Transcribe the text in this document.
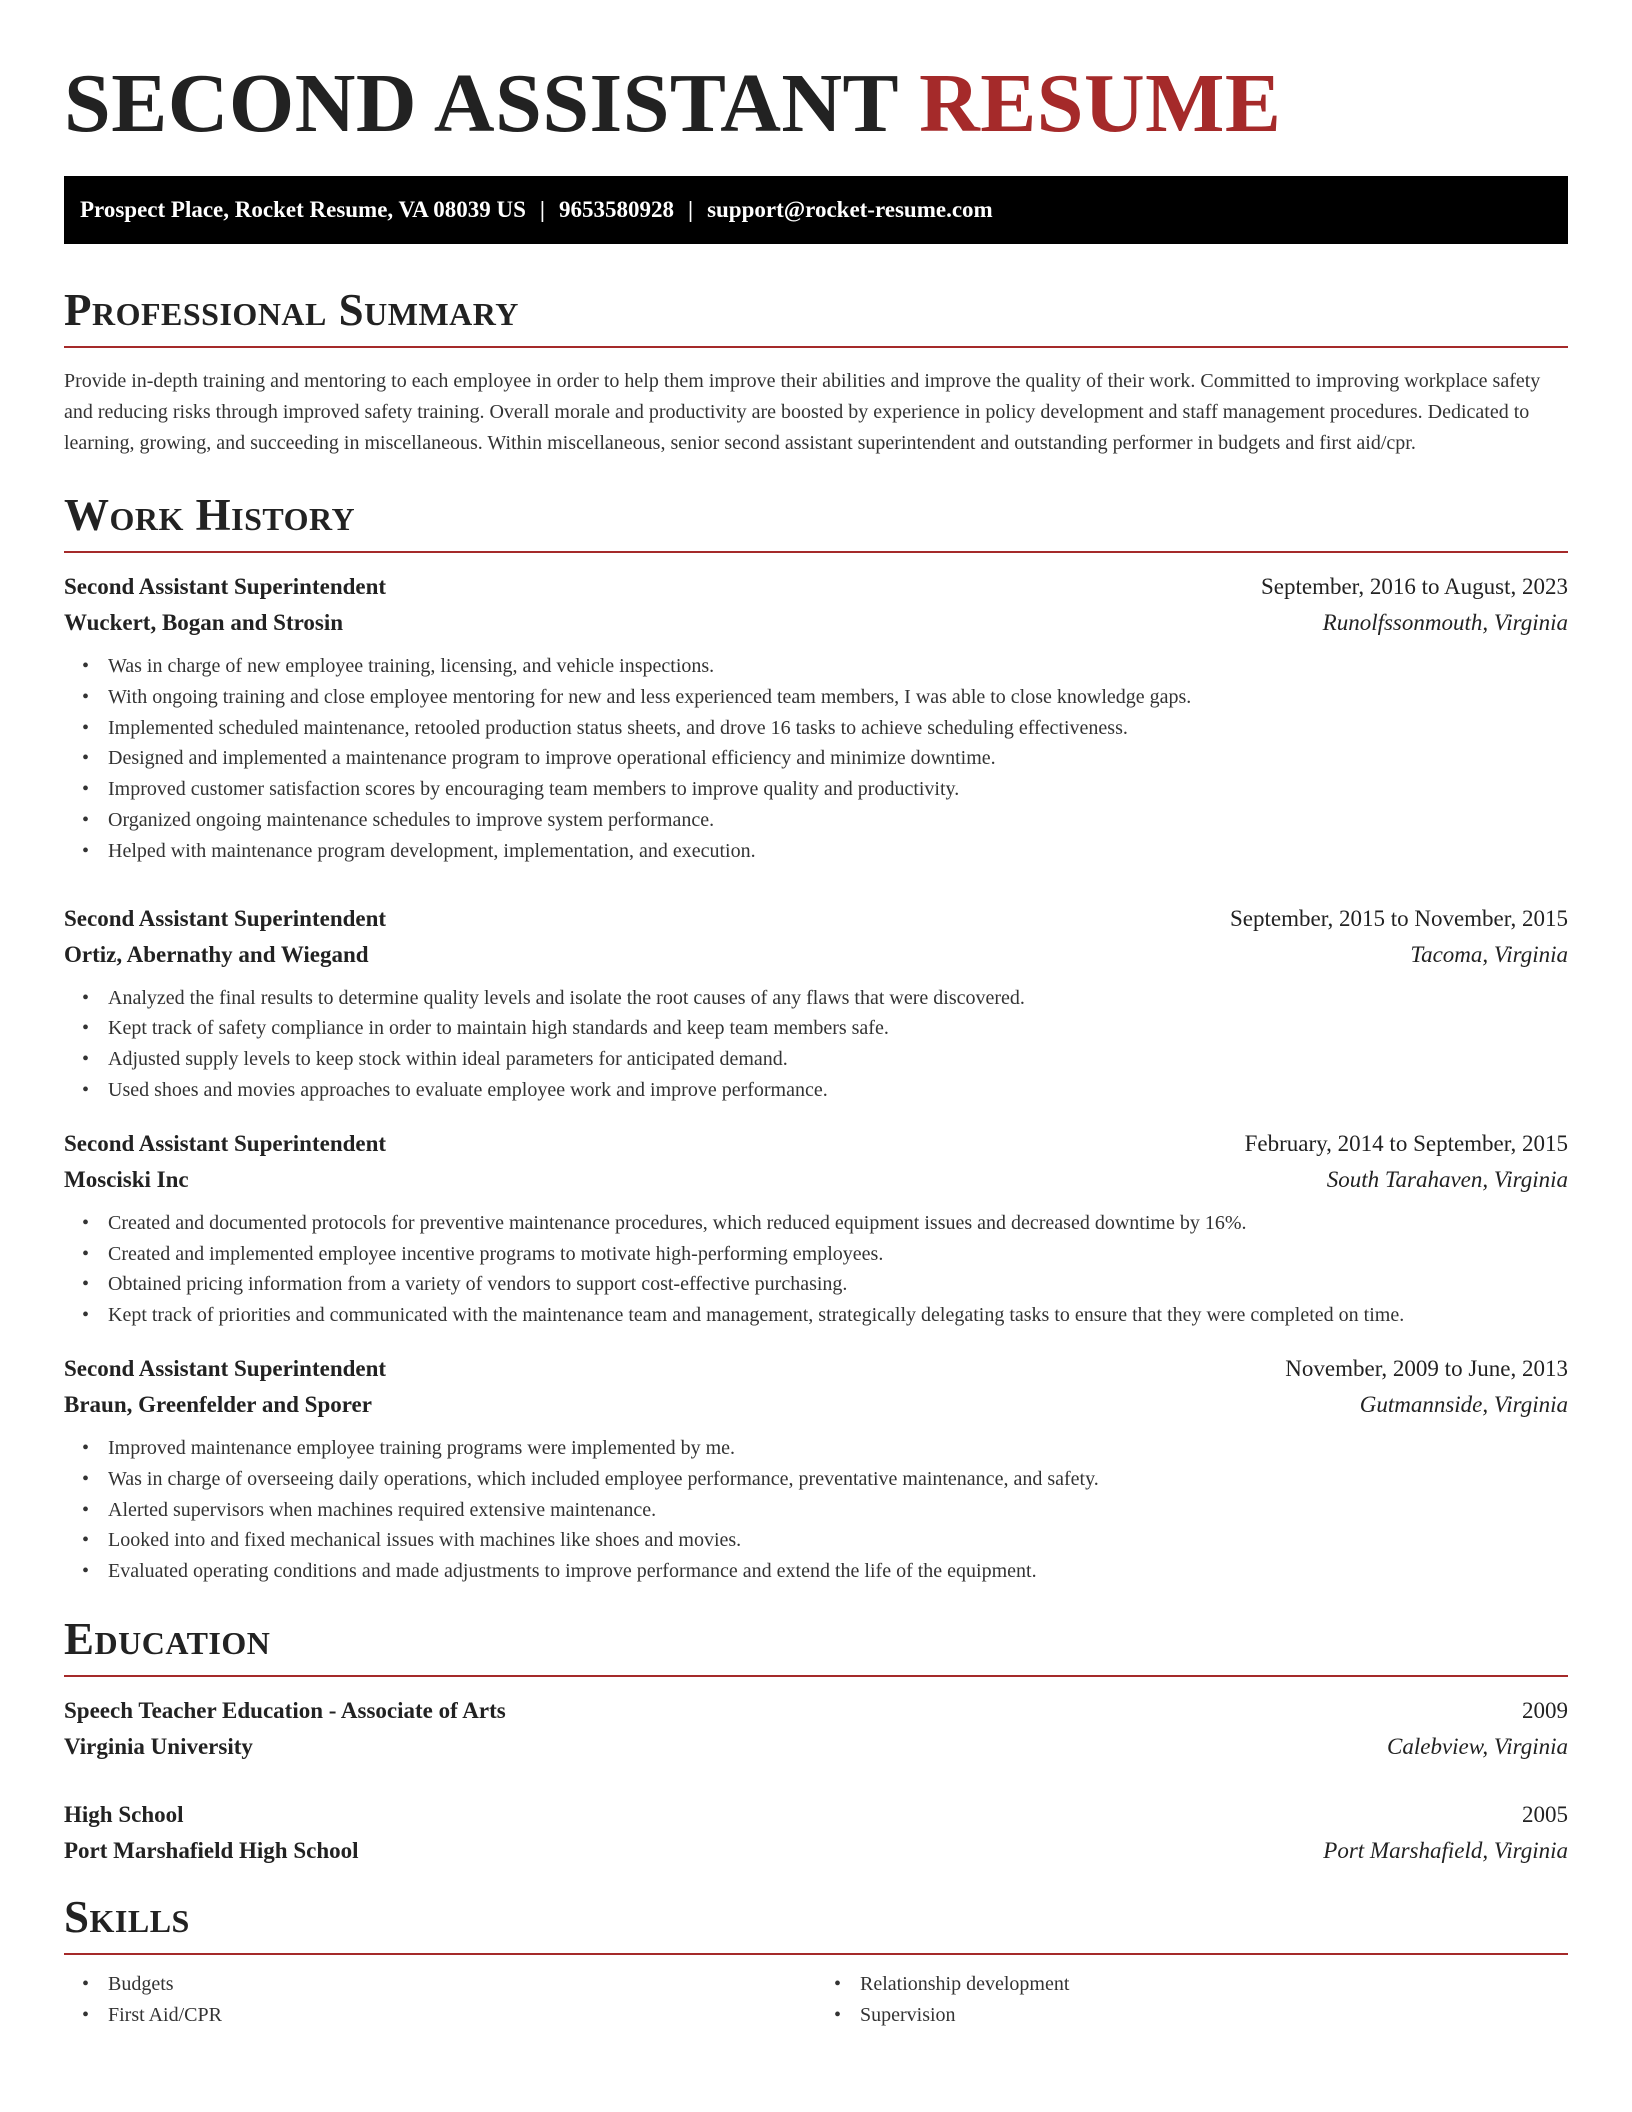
SECOND ASSISTANT RESUME
Prospect Place, Rocket Resume, VA 08039 US | 9653580928 | support@rocket-resume.com
Professional Summary

Provide in-depth training and mentoring to each employee in order to help them improve their abilities and improve the quality of their work. Committed to improving workplace safety and reducing risks through improved safety training. Overall morale and productivity are boosted by experience in policy development and staff management procedures. Dedicated to learning, growing, and succeeding in miscellaneous. Within miscellaneous, senior second assistant superintendent and outstanding performer in budgets and first aid/cpr.

Work History
Second Assistant Superintendent	September, 2016 to August, 2023
Wuckert, Bogan and Strosin	Runolfssonmouth, Virginia
• Was in charge of new employee training, licensing, and vehicle inspections.
• With ongoing training and close employee mentoring for new and less experienced team members, I was able to close knowledge gaps.
• Implemented scheduled maintenance, retooled production status sheets, and drove 16 tasks to achieve scheduling effectiveness.
• Designed and implemented a maintenance program to improve operational efficiency and minimize downtime.
• Improved customer satisfaction scores by encouraging team members to improve quality and productivity.
• Organized ongoing maintenance schedules to improve system performance.
• Helped with maintenance program development, implementation, and execution.
Second Assistant Superintendent	September, 2015 to November, 2015
Ortiz, Abernathy and Wiegand	Tacoma, Virginia
• Analyzed the final results to determine quality levels and isolate the root causes of any flaws that were discovered.
• Kept track of safety compliance in order to maintain high standards and keep team members safe.
• Adjusted supply levels to keep stock within ideal parameters for anticipated demand.
• Used shoes and movies approaches to evaluate employee work and improve performance.
Second Assistant Superintendent	February, 2014 to September, 2015
Mosciski Inc	South Tarahaven, Virginia
• Created and documented protocols for preventive maintenance procedures, which reduced equipment issues and decreased downtime by 16%.
• Created and implemented employee incentive programs to motivate high-performing employees.
• Obtained pricing information from a variety of vendors to support cost-effective purchasing.
• Kept track of priorities and communicated with the maintenance team and management, strategically delegating tasks to ensure that they were completed on time.
Second Assistant Superintendent	November, 2009 to June, 2013
Braun, Greenfelder and Sporer	Gutmannside, Virginia
• Improved maintenance employee training programs were implemented by me.
• Was in charge of overseeing daily operations, which included employee performance, preventative maintenance, and safety.
• Alerted supervisors when machines required extensive maintenance.
• Looked into and fixed mechanical issues with machines like shoes and movies.
• Evaluated operating conditions and made adjustments to improve performance and extend the life of the equipment.
Education
Speech Teacher Education - Associate of Arts	2009
Virginia University	Calebview, Virginia
High School	2005
Port Marshafield High School	Port Marshafield, Virginia
Skills
• Budgets
• First Aid/CPR
• Relationship development
• Supervision
